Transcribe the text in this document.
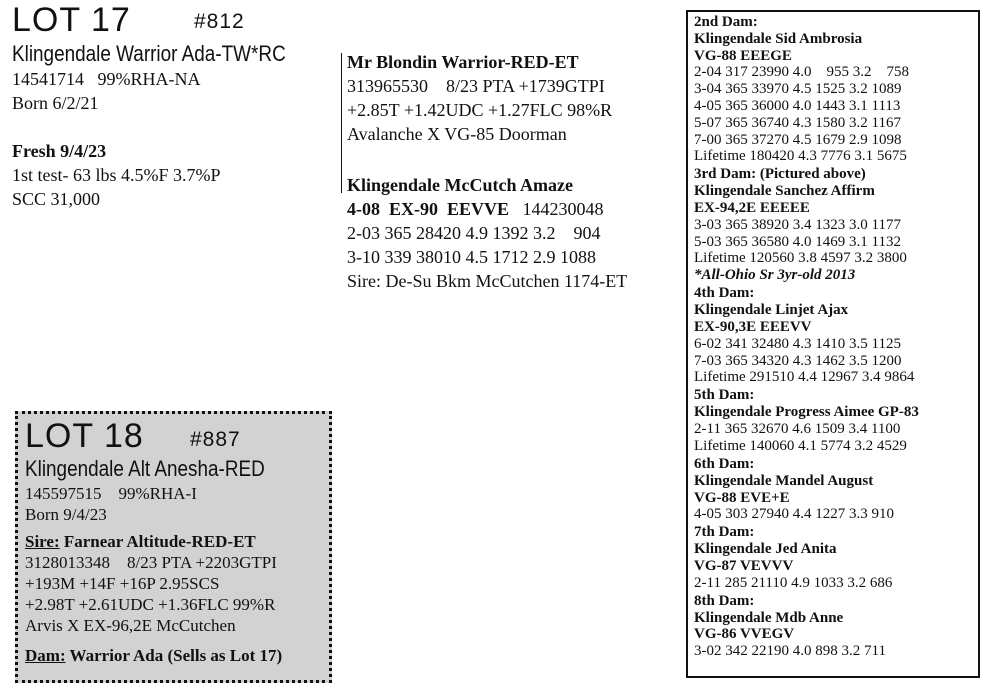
LOT 17	#812
Klingendale Warrior Ada-TW*RC
14541714   99%RHA-NA
Born 6/2/21
Fresh 9/4/23
1st test- 63 lbs 4.5%F 3.7%P
SCC 31,000
Mr Blondin Warrior-RED-ET
313965530    8/23 PTA +1739GTPI
+2.85T +1.42UDC +1.27FLC 98%R
Avalanche X VG-85 Doorman
Klingendale McCutch Amaze
4-08  EX-90  EEVVE   144230048
2-03 365 28420 4.9 1392 3.2    904
3-10 339 38010 4.5 1712 2.9 1088
Sire: De-Su Bkm McCutchen 1174-ET
LOT 18 #887
Klingendale Alt Anesha-RED
145597515    99%RHA-I
Born 9/4/23
Sire: Farnear Altitude-RED-ET
3128013348    8/23 PTA +2203GTPI
+193M +14F +16P 2.95SCS
+2.98T +2.61UDC +1.36FLC 99%R
Arvis X EX-96,2E McCutchen
Dam: Warrior Ada (Sells as Lot 17)
2nd Dam:
Klingendale Sid Ambrosia
VG-88 EEEGE
2-04 317 23990 4.0    955 3.2    758
3-04 365 33970 4.5 1525 3.2 1089
4-05 365 36000 4.0 1443 3.1 1113
5-07 365 36740 4.3 1580 3.2 1167
7-00 365 37270 4.5 1679 2.9 1098
Lifetime 180420 4.3 7776 3.1 5675
3rd Dam: (Pictured above)
Klingendale Sanchez Affirm
EX-94,2E EEEEE
3-03 365 38920 3.4 1323 3.0 1177
5-03 365 36580 4.0 1469 3.1 1132
Lifetime 120560 3.8 4597 3.2 3800
*All-Ohio Sr 3yr-old 2013
4th Dam:
Klingendale Linjet Ajax
EX-90,3E EEEVV
6-02 341 32480 4.3 1410 3.5 1125
7-03 365 34320 4.3 1462 3.5 1200
Lifetime 291510 4.4 12967 3.4 9864
5th Dam:
Klingendale Progress Aimee GP-83
2-11 365 32670 4.6 1509 3.4 1100
Lifetime 140060 4.1 5774 3.2 4529
6th Dam:
Klingendale Mandel August
VG-88 EVE+E
4-05 303 27940 4.4 1227 3.3 910
7th Dam:
Klingendale Jed Anita
VG-87 VEVVV
2-11 285 21110 4.9 1033 3.2 686
8th Dam:
Klingendale Mdb Anne
VG-86 VVEGV
3-02 342 22190 4.0 898 3.2 711
